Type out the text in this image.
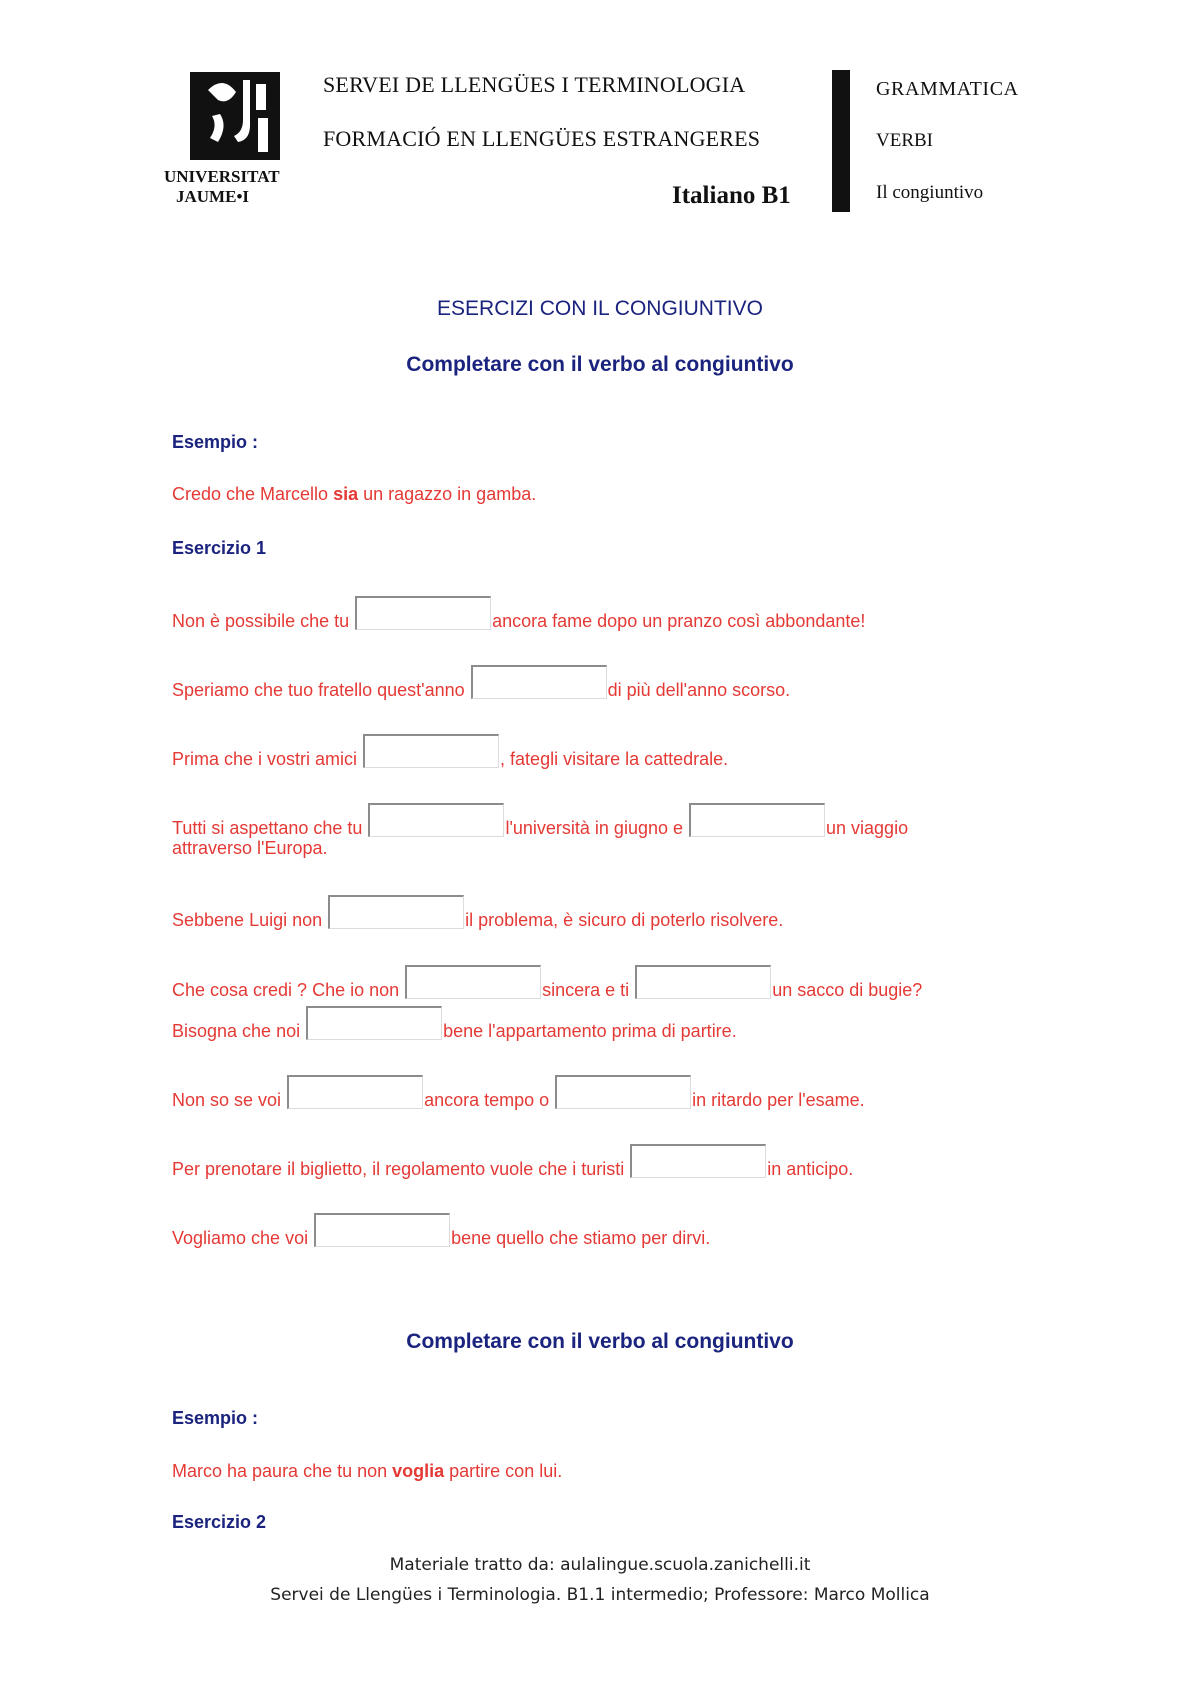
UNIVERSITAT
JAUME•I
SERVEI DE LLENGÜES I TERMINOLOGIA
FORMACIÓ EN LLENGÜES ESTRANGERES
Italiano B1
GRAMMATICA
VERBI
Il congiuntivo
ESERCIZI CON IL CONGIUNTIVO
Completare con il verbo al congiuntivo
Esempio :
Credo che Marcello sia un ragazzo in gamba.
Esercizio 1
Non è possibile che tu	ancora fame dopo un pranzo così abbondante!
Speriamo che tuo fratello quest'anno	di più dell'anno scorso.
Prima che i vostri amici	, fategli visitare la cattedrale.
Tutti si aspettano che tu	l'università in giugno e	un viaggio
attraverso l'Europa.
Sebbene Luigi non	il problema, è sicuro di poterlo risolvere.
Che cosa credi ? Che io non	sincera e ti	un sacco di bugie?
Bisogna che noi	bene l'appartamento prima di partire.
Non so se voi	ancora tempo o	in ritardo per l'esame.
Per prenotare il biglietto, il regolamento vuole che i turisti	in anticipo.
Vogliamo che voi	bene quello che stiamo per dirvi.
Completare con il verbo al congiuntivo
Esempio :
Marco ha paura che tu non voglia partire con lui.
Esercizio 2
Materiale tratto da: aulalingue.scuola.zanichelli.it
Servei de Llengües i Terminologia. B1.1 intermedio; Professore: Marco Mollica
